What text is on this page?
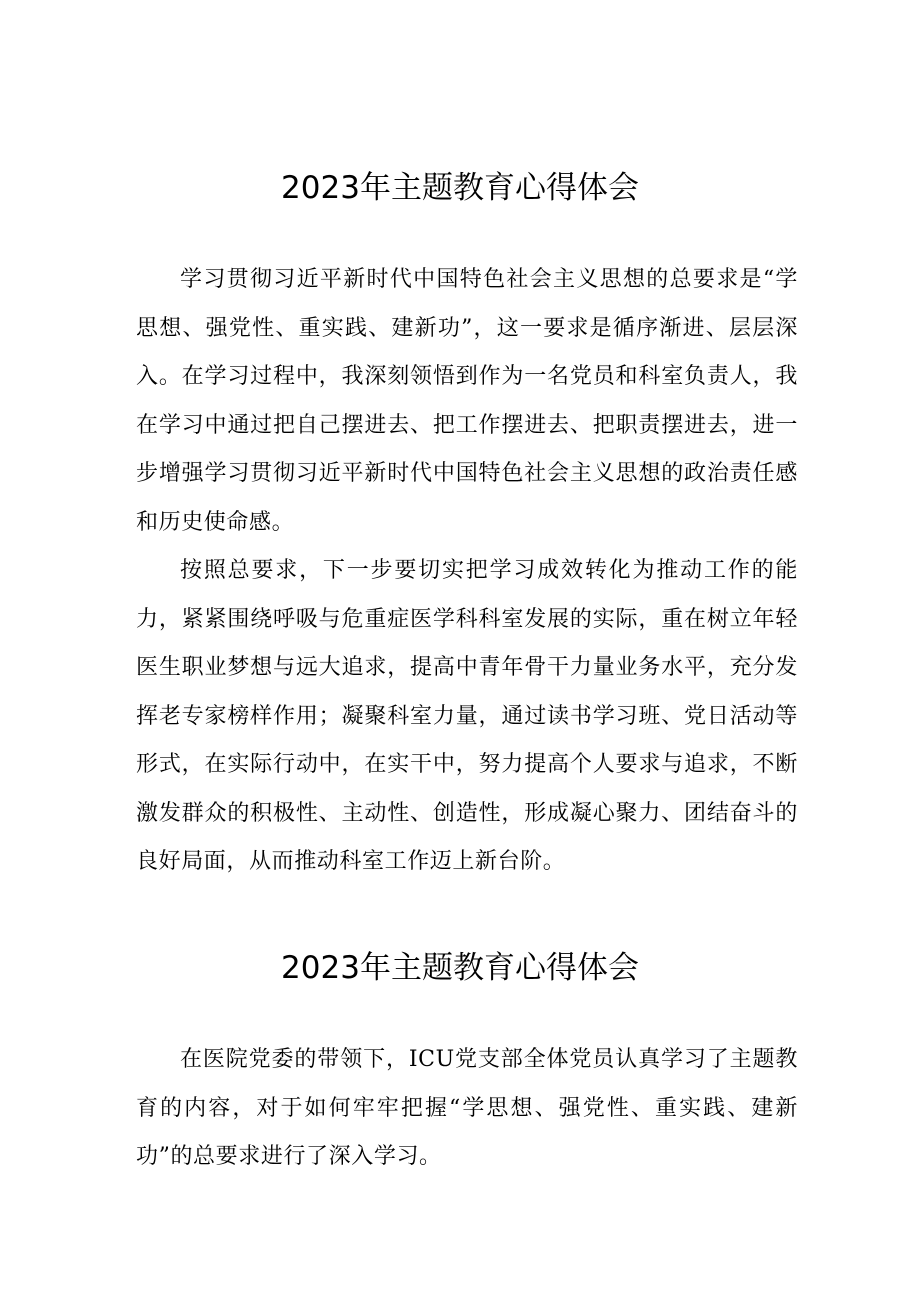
2023年主题教育心得体会

学习贯彻习近平新时代中国特色社会主义思想的总要求是“学思想、强党性、重实践、建新功”，这一要求是循序渐进、层层深入。在学习过程中，我深刻领悟到作为一名党员和科室负责人，我在学习中通过把自己摆进去、把工作摆进去、把职责摆进去，进一步增强学习贯彻习近平新时代中国特色社会主义思想的政治责任感和历史使命感。

按照总要求，下一步要切实把学习成效转化为推动工作的能力，紧紧围绕呼吸与危重症医学科科室发展的实际，重在树立年轻医生职业梦想与远大追求，提高中青年骨干力量业务水平，充分发挥老专家榜样作用；凝聚科室力量，通过读书学习班、党日活动等形式，在实际行动中，在实干中，努力提高个人要求与追求，不断激发群众的积极性、主动性、创造性，形成凝心聚力、团结奋斗的良好局面，从而推动科室工作迈上新台阶。

2023年主题教育心得体会

在医院党委的带领下，ICU党支部全体党员认真学习了主题教育的内容，对于如何牢牢把握“学思想、强党性、重实践、建新功”的总要求进行了深入学习。
